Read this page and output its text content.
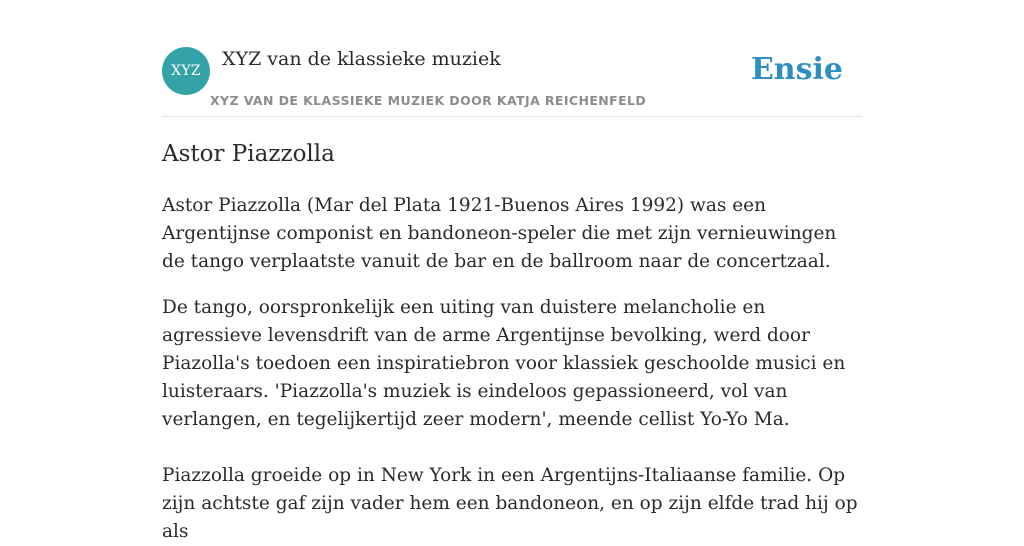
XYZ
XYZ van de klassieke muziek
XYZ VAN DE KLASSIEKE MUZIEK DOOR KATJA REICHENFELD
Ensie
Astor Piazzolla

Astor Piazzolla (Mar del Plata 1921-Buenos Aires 1992) was een Argentijnse componist en bandoneon-speler die met zijn vernieuwingen de tango verplaatste vanuit de bar en de ballroom naar de concertzaal.

De tango, oorspronkelijk een uiting van duistere melancholie en agressieve levensdrift van de arme Argentijnse bevolking, werd door Piazolla's toedoen een inspiratiebron voor klassiek geschoolde musici en luisteraars. 'Piazzolla's muziek is eindeloos gepassioneerd, vol van verlangen, en tegelijkertijd zeer modern', meende cellist Yo-Yo Ma.

Piazzolla groeide op in New York in een Argentijns-Italiaanse familie. Op zijn achtste gaf zijn vader hem een bandoneon, en op zijn elfde trad hij op als
